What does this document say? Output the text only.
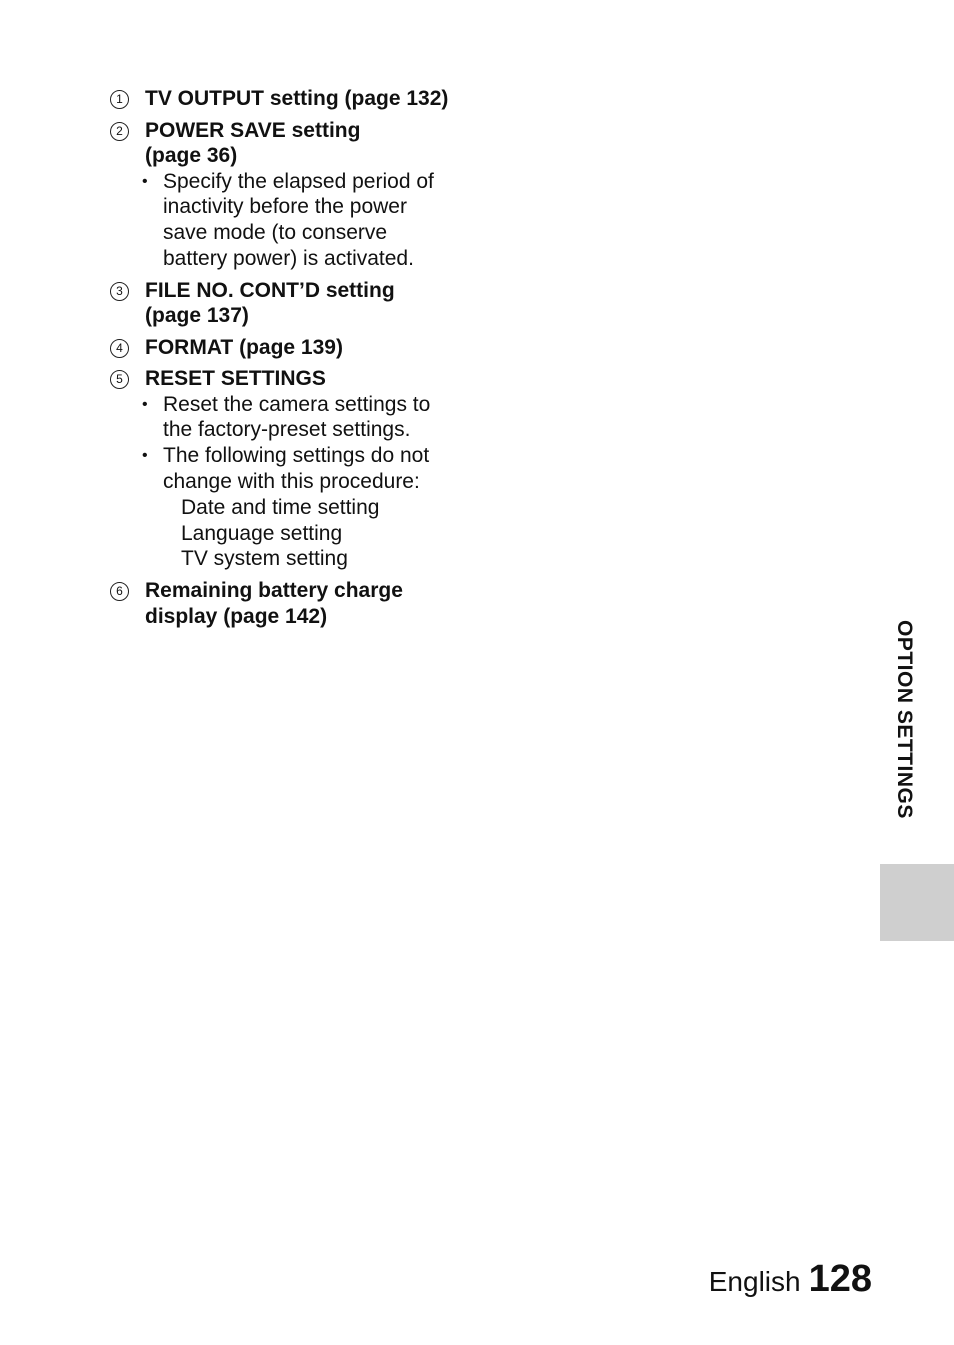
1 TV OUTPUT setting (page 132)

2 POWER SAVE setting (page 36)

• Specify the elapsed period of inactivity before the power save mode (to conserve battery power) is activated.
3 FILE NO. CONT’D setting (page 137)

4 FORMAT (page 139)

5 RESET SETTINGS

• Reset the camera settings to the factory-preset settings.
• The following settings do not change with this procedure:
Date and time setting
Language setting
TV system setting
6 Remaining battery charge display (page 142)

OPTION SETTINGS
English 128
